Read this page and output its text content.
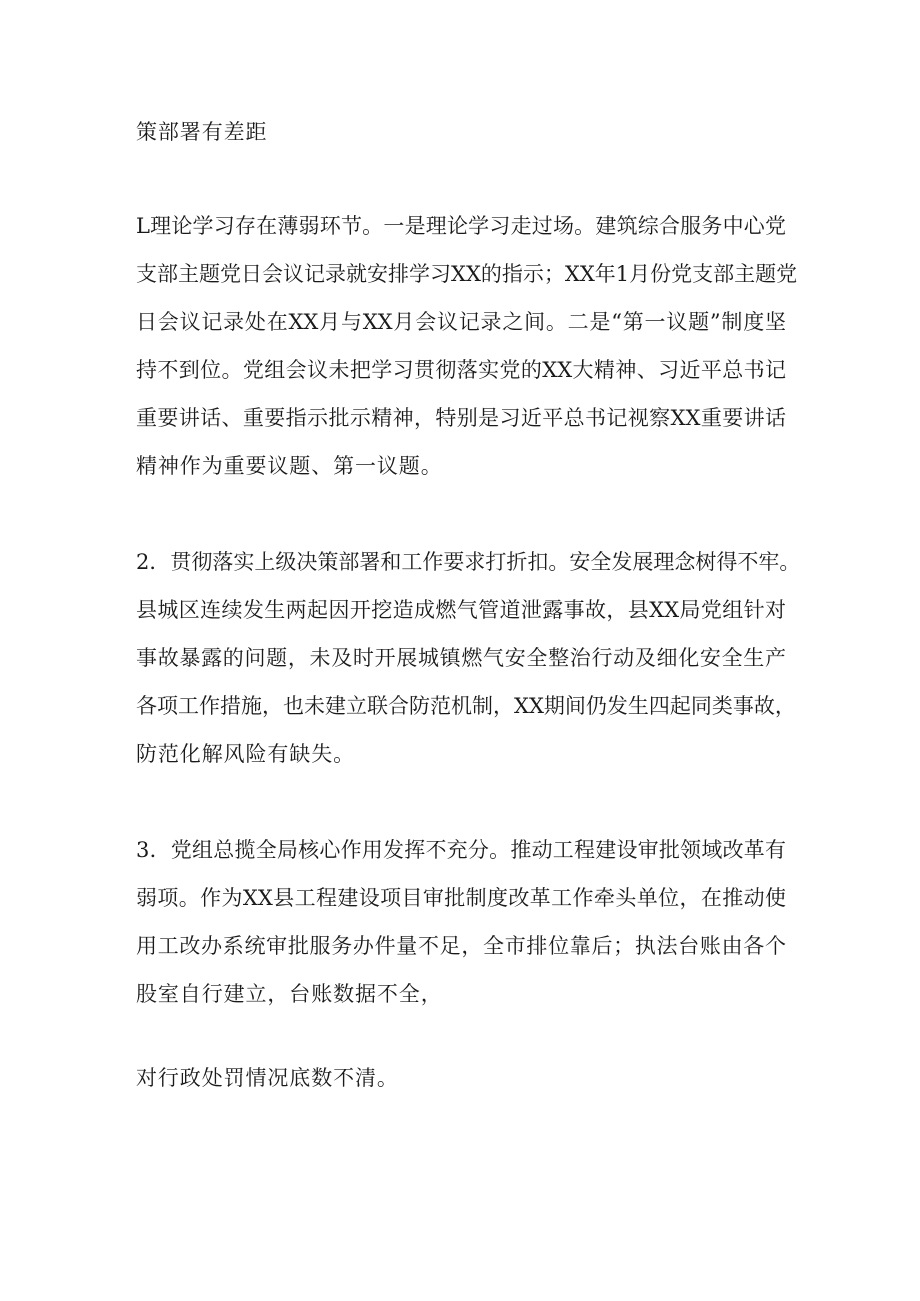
策部署有差距

L理论学习存在薄弱环节。一是理论学习走过场。建筑综合服务中心党

支部主题党日会议记录就安排学习XX的指示；XX年1月份党支部主题党

日会议记录处在XX月与XX月会议记录之间。二是“第一议题”制度坚

持不到位。党组会议未把学习贯彻落实党的XX大精神、习近平总书记

重要讲话、重要指示批示精神，特别是习近平总书记视察XX重要讲话

精神作为重要议题、第一议题。

2．贯彻落实上级决策部署和工作要求打折扣。安全发展理念树得不牢。

县城区连续发生两起因开挖造成燃气管道泄露事故，县XX局党组针对

事故暴露的问题，未及时开展城镇燃气安全整治行动及细化安全生产

各项工作措施，也未建立联合防范机制，XX期间仍发生四起同类事故，

防范化解风险有缺失。

3．党组总揽全局核心作用发挥不充分。推动工程建设审批领域改革有

弱项。作为XX县工程建设项目审批制度改革工作牵头单位，在推动使

用工改办系统审批服务办件量不足，全市排位靠后；执法台账由各个

股室自行建立，台账数据不全，

对行政处罚情况底数不清。
